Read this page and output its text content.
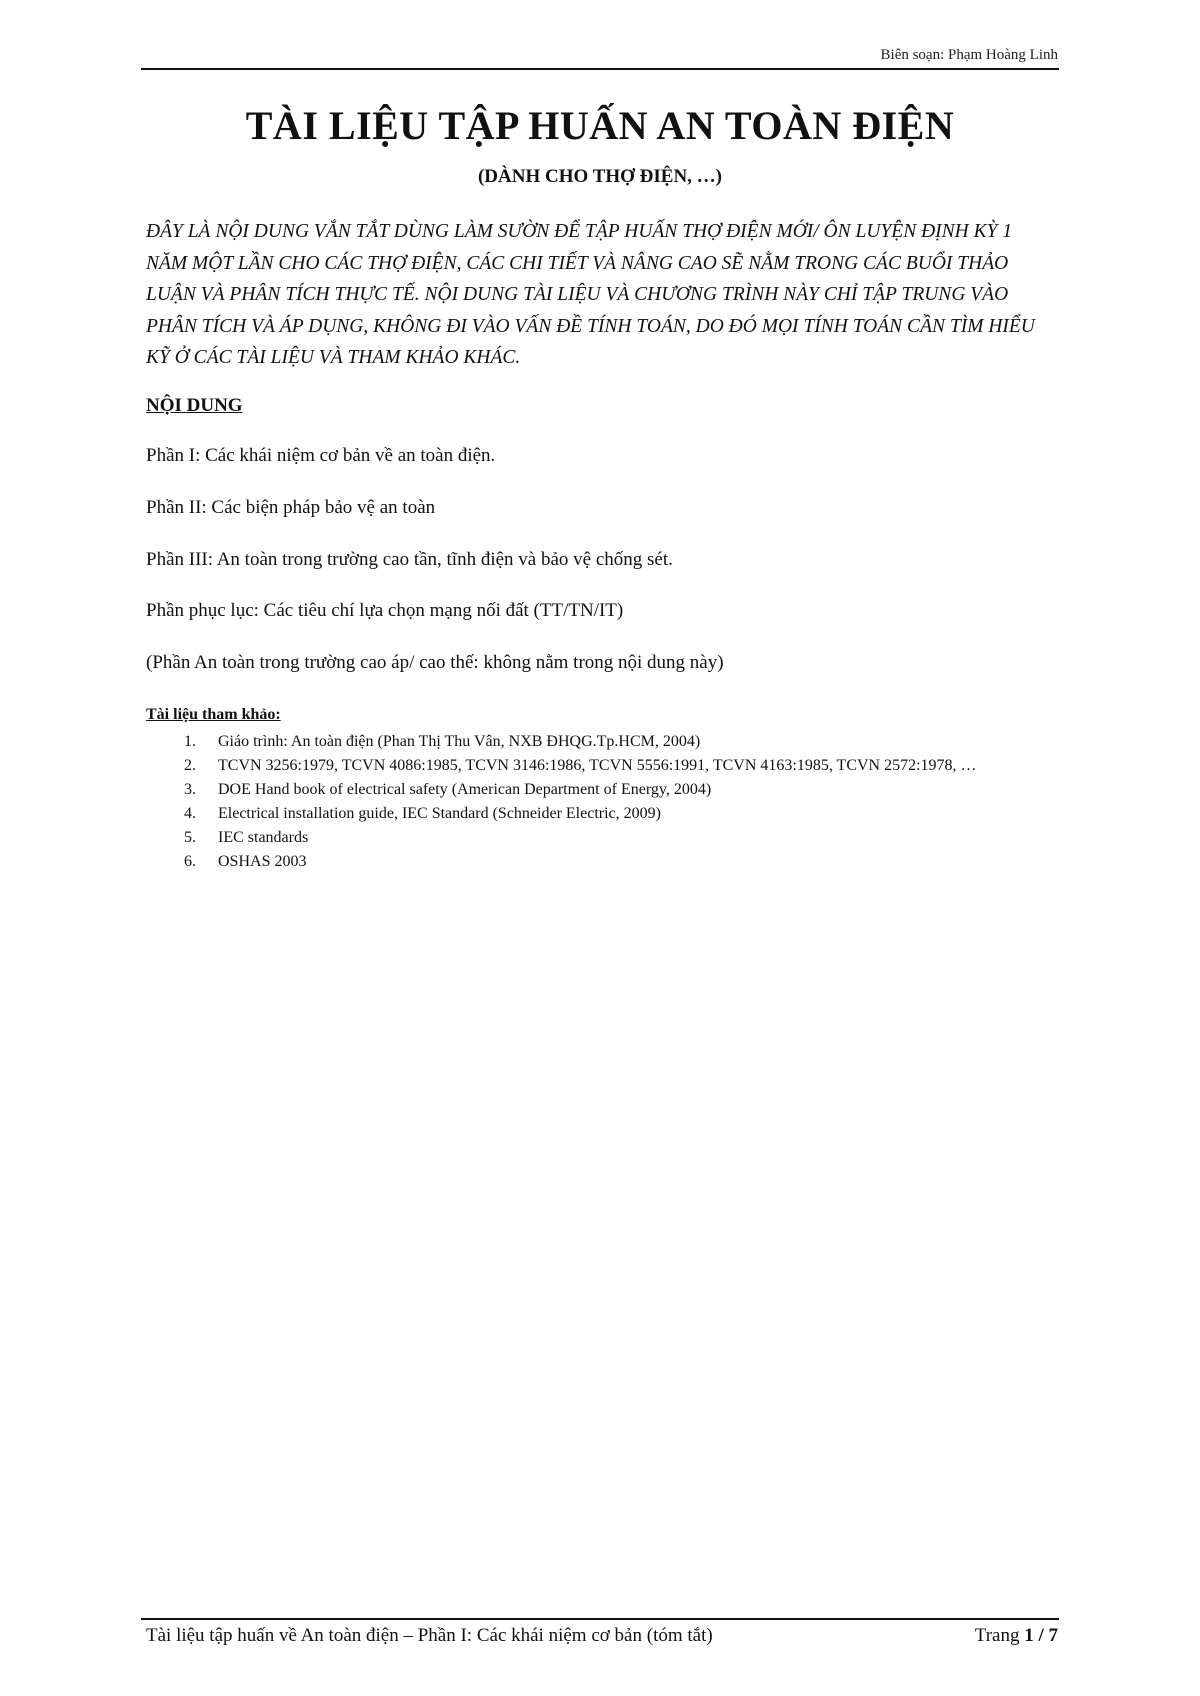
Biên soạn: Phạm Hoàng Linh
TÀI LIỆU TẬP HUẤN AN TOÀN ĐIỆN
(DÀNH CHO THỢ ĐIỆN, …)

ĐÂY LÀ NỘI DUNG VẮN TẮT DÙNG LÀM SƯỜN ĐỂ TẬP HUẤN THỢ ĐIỆN MỚI/ ÔN LUYỆN ĐỊNH KỲ 1 NĂM MỘT LẦN CHO CÁC THỢ ĐIỆN, CÁC CHI TIẾT VÀ NÂNG CAO SẼ NẰM TRONG CÁC BUỔI THẢO LUẬN VÀ PHÂN TÍCH THỰC TẾ. NỘI DUNG TÀI LIỆU VÀ CHƯƠNG TRÌNH NÀY CHỈ TẬP TRUNG VÀO PHÂN TÍCH VÀ ÁP DỤNG, KHÔNG ĐI VÀO VẤN ĐỀ TÍNH TOÁN, DO ĐÓ MỌI TÍNH TOÁN CẦN TÌM HIỂU KỸ Ở CÁC TÀI LIỆU VÀ THAM KHẢO KHÁC.

NỘI DUNG

Phần I: Các khái niệm cơ bản về an toàn điện.

Phần II: Các biện pháp bảo vệ an toàn

Phần III: An toàn trong trường cao tần, tĩnh điện và bảo vệ chống sét.

Phần phục lục: Các tiêu chí lựa chọn mạng nối đất (TT/TN/IT)

(Phần An toàn trong trường cao áp/ cao thế: không nằm trong nội dung này)

Tài liệu tham khảo:
1. Giáo trình: An toàn điện (Phan Thị Thu Vân, NXB ĐHQG.Tp.HCM, 2004)
2. TCVN 3256:1979, TCVN 4086:1985, TCVN 3146:1986, TCVN 5556:1991, TCVN 4163:1985, TCVN 2572:1978, …
3. DOE Hand book of electrical safety (American Department of Energy, 2004)
4. Electrical installation guide, IEC Standard (Schneider Electric, 2009)
5. IEC standards
6. OSHAS 2003
Tài liệu tập huấn về An toàn điện – Phần I: Các khái niệm cơ bản (tóm tắt)	Trang 1 / 7
